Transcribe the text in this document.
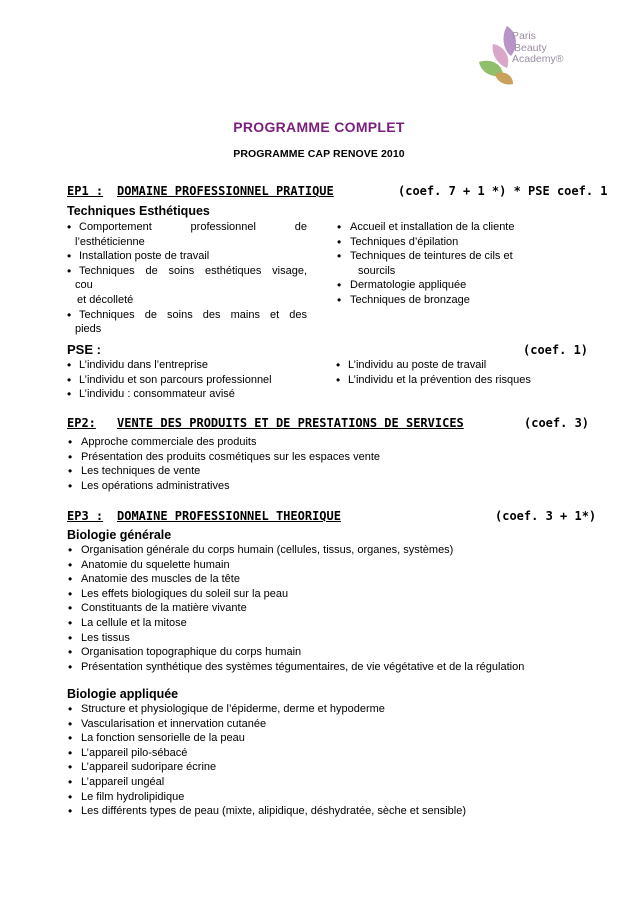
Paris
Beauty
Academy®
PROGRAMME COMPLET
PROGRAMME CAP RENOVE 2010
EP1 : DOMAINE PROFESSIONNEL PRATIQUE	(coef. 7 + 1 *) * PSE coef. 1
Techniques Esthétiques
• Comportement professionnel de
l’esthéticienne
• Installation poste de travail
• Techniques de soins esthétiques visage,
cou
et décolleté
• Techniques de soins des mains et des
pieds
• Accueil et installation de la cliente
• Techniques d’épilation
• Techniques de teintures de cils et
sourcils
• Dermatologie appliquée
• Techniques de bronzage
PSE :	(coef. 1)
• L’individu dans l’entreprise
• L’individu et son parcours professionnel
• L’individu : consommateur avisé
• L’individu au poste de travail
• L’individu et la prévention des risques
EP2: VENTE DES PRODUITS ET DE PRESTATIONS DE SERVICES	(coef. 3)
• Approche commerciale des produits
• Présentation des produits cosmétiques sur les espaces vente
• Les techniques de vente
• Les opérations administratives
EP3 : DOMAINE PROFESSIONNEL THEORIQUE	(coef. 3 + 1*)
Biologie générale
• Organisation générale du corps humain (cellules, tissus, organes, systèmes)
• Anatomie du squelette humain
• Anatomie des muscles de la tête
• Les effets biologiques du soleil sur la peau
• Constituants de la matière vivante
• La cellule et la mitose
• Les tissus
• Organisation topographique du corps humain
• Présentation synthétique des systèmes tégumentaires, de vie végétative et de la régulation
Biologie appliquée
• Structure et physiologique de l’épiderme, derme et hypoderme
• Vascularisation et innervation cutanée
• La fonction sensorielle de la peau
• L’appareil pilo-sébacé
• L’appareil sudoripare écrine
• L’appareil ungéal
• Le film hydrolipidique
• Les différents types de peau (mixte, alipidique, déshydratée, sèche et sensible)
